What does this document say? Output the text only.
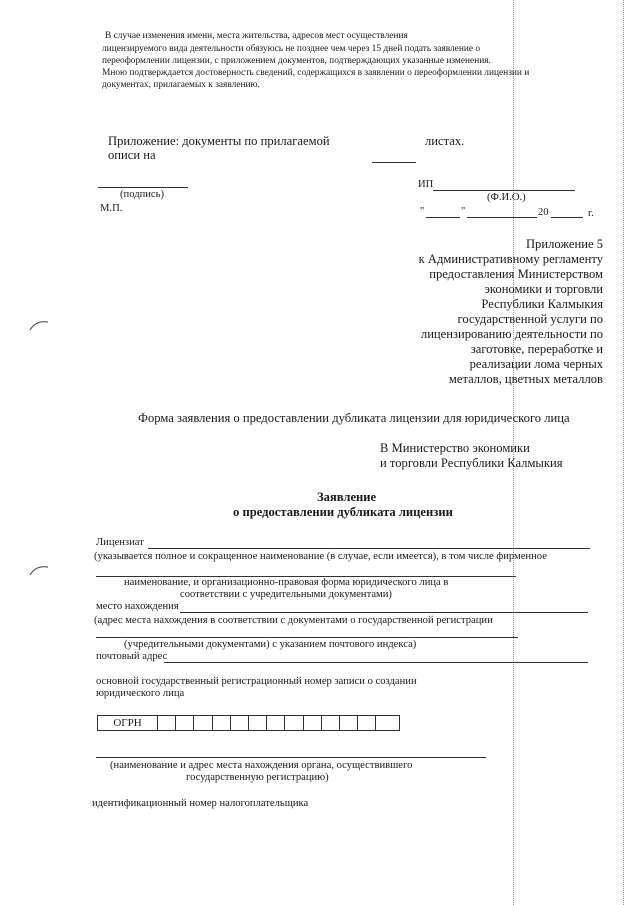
В случае изменения имени, места жительства, адресов мест осуществления
лицензируемого вида деятельности обязуюсь не позднее чем через 15 дней подать заявление о
переоформлении лицензии, с приложением документов, подтверждающих указанные изменения.
Мною подтверждается достоверность сведений, содержащихся в заявлении о переоформлении лицензии и
документах, прилагаемых к заявлению.
Приложение: документы по прилагаемой	листах.
описи на
(подпись)
М.П.
ИП
(Ф.И.О.)
"	"	20	г.
Приложение 5
к Административному регламенту
предоставления Министерством
экономики и торговли
Республики Калмыкия
государственной услуги по
лицензированию деятельности по
заготовке, переработке и
реализации лома черных
металлов, цветных металлов
Форма заявления о предоставлении дубликата лицензии для юридического лица
В Министерство экономики
и торговли Республики Калмыкия
Заявление
о предоставлении дубликата лицензии
Лицензиат
(указывается полное и сокращенное наименование (в случае, если имеется), в том числе фирменное
наименование, и организационно-правовая форма юридического лица в
соответствии с учредительными документами)
место нахождения
(адрес места нахождения в соответствии с документами о государственной регистрации
(учредительными документами) с указанием почтового индекса)
почтовый адрес
основной государственный регистрационный номер записи о создании
юридического лица
ОГРН
(наименование и адрес места нахождения органа, осуществившего
государственную регистрацию)
идентификационный номер налогоплательщика
